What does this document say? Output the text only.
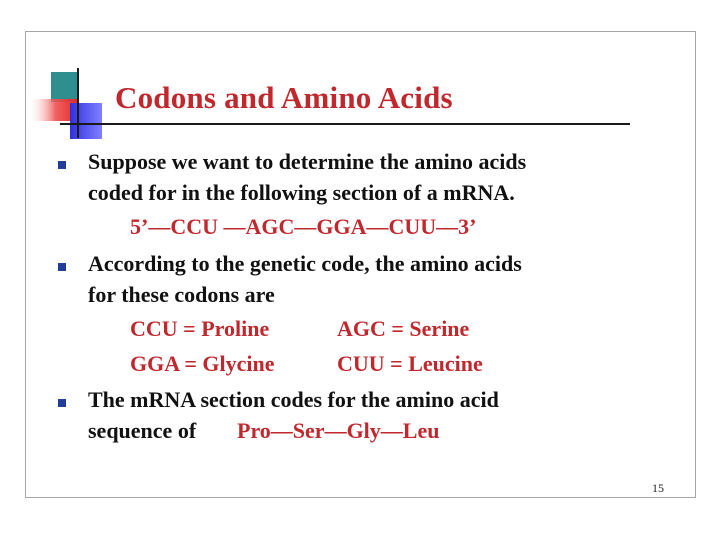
Codons and Amino Acids
Suppose we want to determine the amino acids
coded for in the following section of a mRNA.
5’—CCU —AGC—GGA—CUU—3’
According to the genetic code, the amino acids
for these codons are
CCU = Proline	AGC = Serine
GGA = Glycine	CUU = Leucine
The mRNA section codes for the amino acid
sequence of Pro—Ser—Gly—Leu
15
